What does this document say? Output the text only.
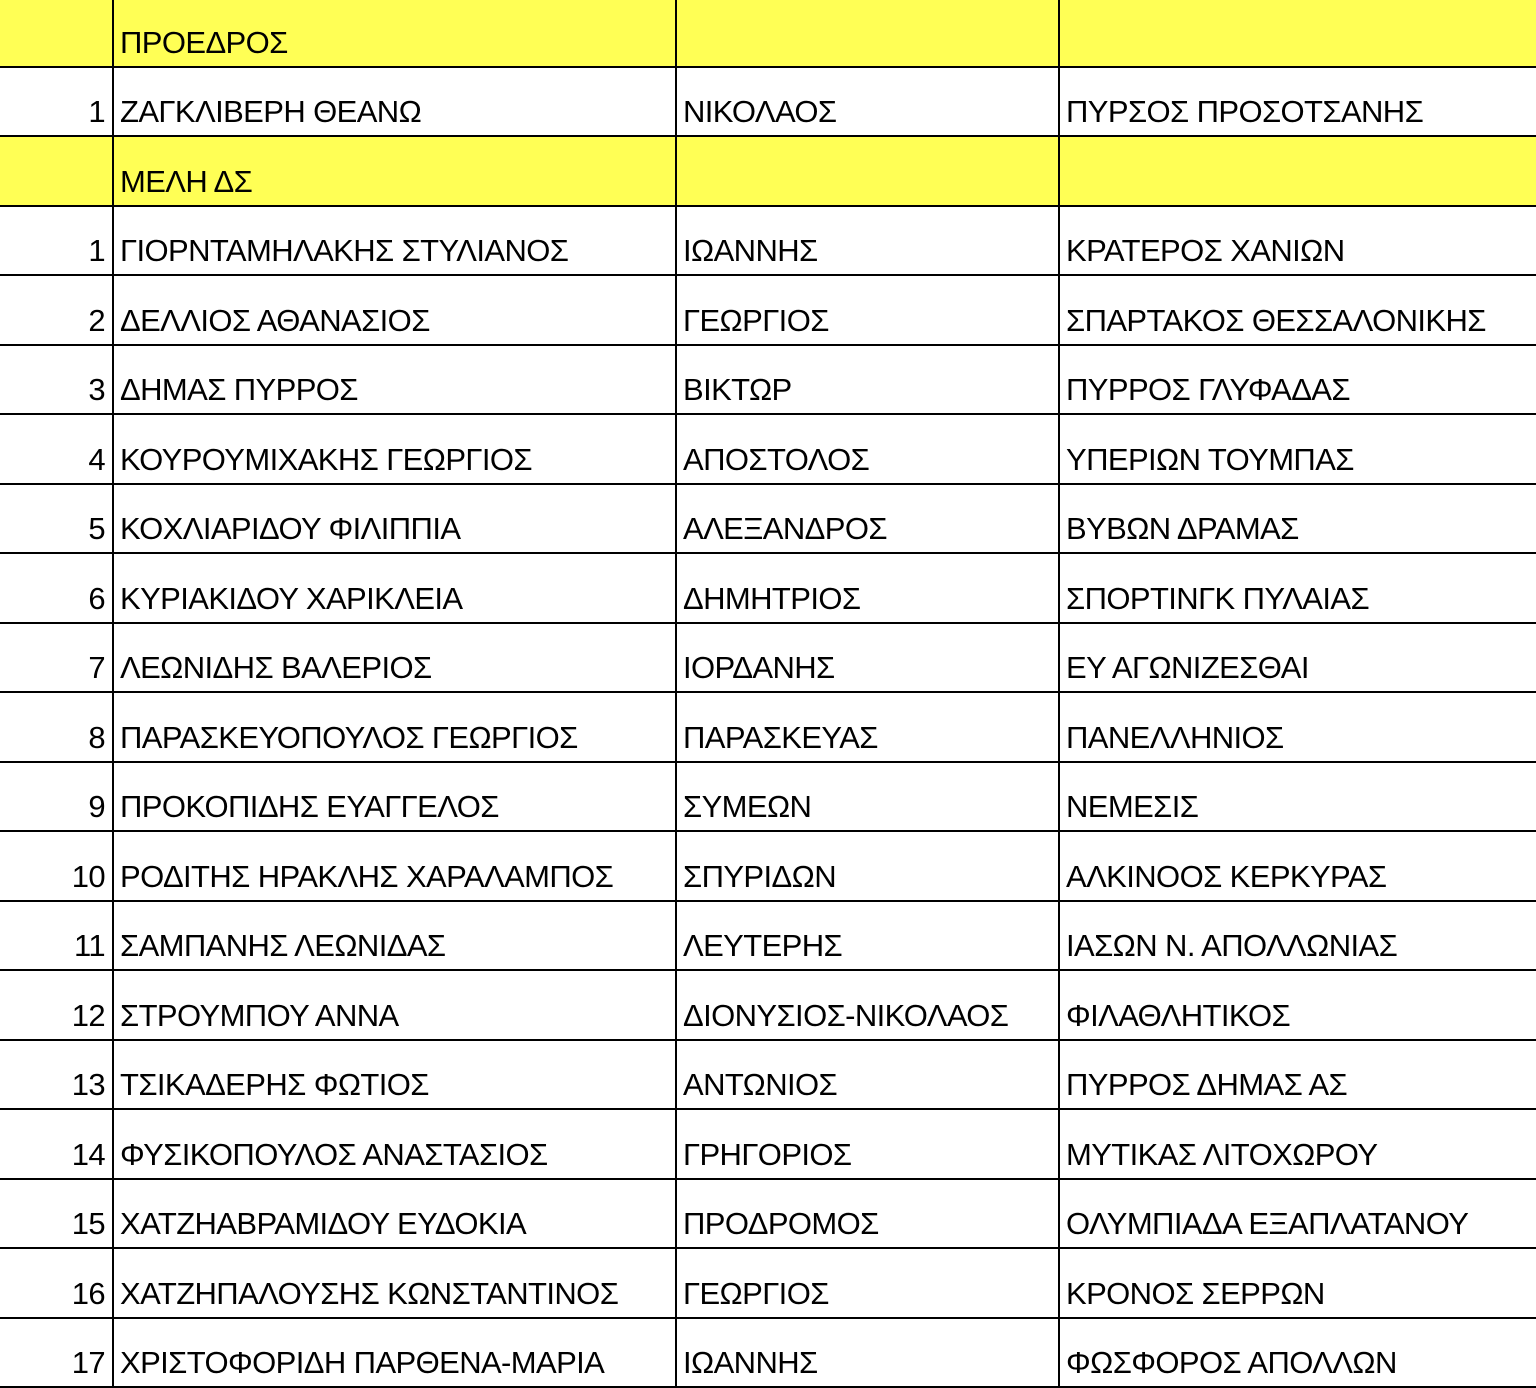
ΠΡΟΕΔΡΟΣ
1 ΖΑΓΚΛΙΒΕΡΗ ΘΕΑΝΩ	ΝΙΚΟΛΑΟΣ	ΠΥΡΣΟΣ ΠΡΟΣΟΤΣΑΝΗΣ
ΜΕΛΗ ΔΣ
1 ΓΙΟΡΝΤΑΜΗΛΑΚΗΣ ΣΤΥΛΙΑΝΟΣ	ΙΩΑΝΝΗΣ	ΚΡΑΤΕΡΟΣ ΧΑΝΙΩΝ
2 ΔΕΛΛΙΟΣ ΑΘΑΝΑΣΙΟΣ	ΓΕΩΡΓΙΟΣ	ΣΠΑΡΤΑΚΟΣ ΘΕΣΣΑΛΟΝΙΚΗΣ
3 ΔΗΜΑΣ ΠΥΡΡΟΣ	ΒΙΚΤΩΡ	ΠΥΡΡΟΣ ΓΛΥΦΑΔΑΣ
4 ΚΟΥΡΟΥΜΙΧΑΚΗΣ ΓΕΩΡΓΙΟΣ	ΑΠΟΣΤΟΛΟΣ	ΥΠΕΡΙΩΝ ΤΟΥΜΠΑΣ
5 ΚΟΧΛΙΑΡΙΔΟΥ ΦΙΛΙΠΠΙΑ	ΑΛΕΞΑΝΔΡΟΣ	ΒΥΒΩΝ ΔΡΑΜΑΣ
6 ΚΥΡΙΑΚΙΔΟΥ ΧΑΡΙΚΛΕΙΑ	ΔΗΜΗΤΡΙΟΣ	ΣΠΟΡΤΙΝΓΚ ΠΥΛΑΙΑΣ
7 ΛΕΩΝΙΔΗΣ ΒΑΛΕΡΙΟΣ	ΙΟΡΔΑΝΗΣ	ΕΥ ΑΓΩΝΙΖΕΣΘΑΙ
8 ΠΑΡΑΣΚΕΥΟΠΟΥΛΟΣ ΓΕΩΡΓΙΟΣ	ΠΑΡΑΣΚΕΥΑΣ	ΠΑΝΕΛΛΗΝΙΟΣ
9 ΠΡΟΚΟΠΙΔΗΣ ΕΥΑΓΓΕΛΟΣ	ΣΥΜΕΩΝ	ΝΕΜΕΣΙΣ
10 ΡΟΔΙΤΗΣ ΗΡΑΚΛΗΣ ΧΑΡΑΛΑΜΠΟΣ	ΣΠΥΡΙΔΩΝ	ΑΛΚΙΝΟΟΣ ΚΕΡΚΥΡΑΣ
11 ΣΑΜΠΑΝΗΣ ΛΕΩΝΙΔΑΣ	ΛΕΥΤΕΡΗΣ	ΙΑΣΩΝ Ν. ΑΠΟΛΛΩΝΙΑΣ
12 ΣΤΡΟΥΜΠΟΥ ΑΝΝΑ	ΔΙΟΝΥΣΙΟΣ-ΝΙΚΟΛΑΟΣ	ΦΙΛΑΘΛΗΤΙΚΟΣ
13 ΤΣΙΚΑΔΕΡΗΣ ΦΩΤΙΟΣ	ΑΝΤΩΝΙΟΣ	ΠΥΡΡΟΣ ΔΗΜΑΣ ΑΣ
14 ΦΥΣΙΚΟΠΟΥΛΟΣ ΑΝΑΣΤΑΣΙΟΣ	ΓΡΗΓΟΡΙΟΣ	ΜΥΤΙΚΑΣ ΛΙΤΟΧΩΡΟΥ
15 ΧΑΤΖΗΑΒΡΑΜΙΔΟΥ ΕΥΔΟΚΙΑ	ΠΡΟΔΡΟΜΟΣ	ΟΛΥΜΠΙΑΔΑ ΕΞΑΠΛΑΤΑΝΟΥ
16 ΧΑΤΖΗΠΑΛΟΥΣΗΣ ΚΩΝΣΤΑΝΤΙΝΟΣ	ΓΕΩΡΓΙΟΣ	ΚΡΟΝΟΣ ΣΕΡΡΩΝ
17 ΧΡΙΣΤΟΦΟΡΙΔΗ ΠΑΡΘΕΝΑ-ΜΑΡΙΑ	ΙΩΑΝΝΗΣ	ΦΩΣΦΟΡΟΣ ΑΠΟΛΛΩΝ
